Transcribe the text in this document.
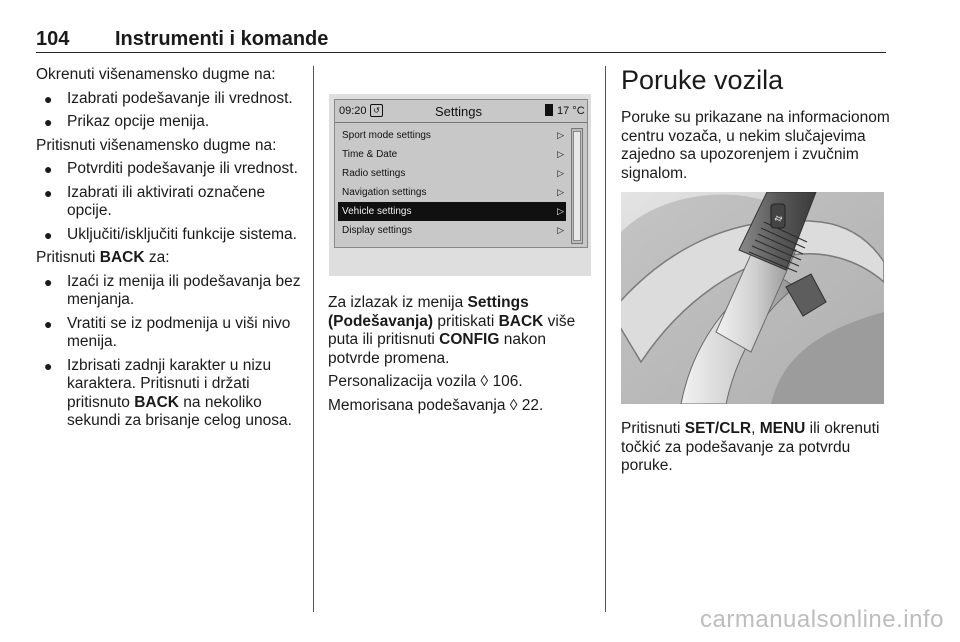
104 Instrumenti i komande

Okrenuti višenamensko dugme na:

● Izabrati podešavanje ili vrednost.
● Prikaz opcije menija.

Pritisnuti višenamensko dugme na:

● Potvrditi podešavanje ili vrednost.
● Izabrati ili aktivirati označene opcije.
● Uključiti/isključiti funkcije sistema.

Pritisnuti BACK za:

● Izaći iz menija ili podešavanja bez menjanja.
● Vratiti se iz podmenija u viši nivo menija.
● Izbrisati zadnji karakter u nizu karaktera. Pritisnuti i držati pritisnuto BACK na nekoliko sekundi za brisanje celog unosa.
09:20 ↺	Settings	17 °C
Sport mode settings	▷
Time & Date	▷
Radio settings	▷
Navigation settings	▷
Vehicle settings	▷
Display settings	▷

Za izlazak iz menija Settings (Podešavanja) pritiskati BACK više puta ili pritisnuti CONFIG nakon potvrde promena.

Personalizacija vozila ◊ 106.

Memorisana podešavanja ◊ 22.

Poruke vozila

Poruke su prikazane na informacionom centru vozača, u nekim slučajevima zajedno sa upozorenjem i zvučnim signalom.

⇅

Pritisnuti SET/CLR, MENU ili okrenuti točkić za podešavanje za potvrdu poruke.

carmanualsonline.info
